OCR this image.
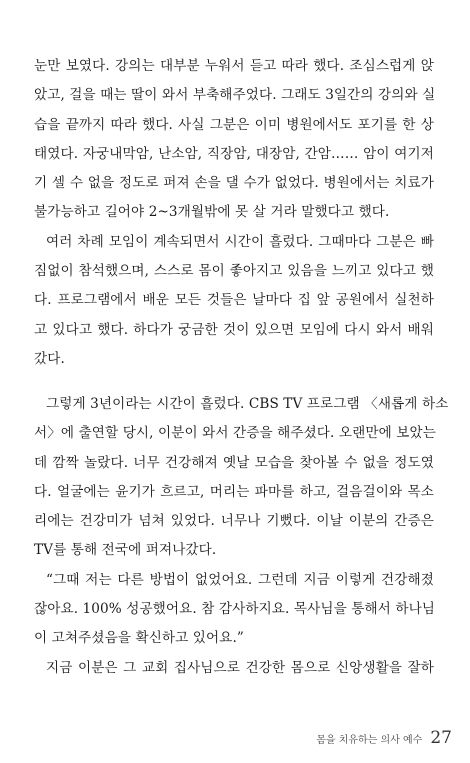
눈만 보였다. 강의는 대부분 누워서 듣고 따라 했다. 조심스럽게 앉
았고, 걸을 때는 딸이 와서 부축해주었다. 그래도 3일간의 강의와 실
습을 끝까지 따라 했다. 사실 그분은 이미 병원에서도 포기를 한 상
태였다. 자궁내막암, 난소암, 직장암, 대장암, 간암…… 암이 여기저
기 셀 수 없을 정도로 퍼져 손을 댈 수가 없었다. 병원에서는 치료가
불가능하고 길어야 2~3개월밖에 못 살 거라 말했다고 했다.
여러 차례 모임이 계속되면서 시간이 흘렀다. 그때마다 그분은 빠
짐없이 참석했으며, 스스로 몸이 좋아지고 있음을 느끼고 있다고 했
다. 프로그램에서 배운 모든 것들은 날마다 집 앞 공원에서 실천하
고 있다고 했다. 하다가 궁금한 것이 있으면 모임에 다시 와서 배워
갔다.
그렇게 3년이라는 시간이 흘렀다. CBS TV 프로그램 〈새롭게 하소
서〉에 출연할 당시, 이분이 와서 간증을 해주셨다. 오랜만에 보았는
데 깜짝 놀랐다. 너무 건강해져 옛날 모습을 찾아볼 수 없을 정도였
다. 얼굴에는 윤기가 흐르고, 머리는 파마를 하고, 걸음걸이와 목소
리에는 건강미가 넘쳐 있었다. 너무나 기뻤다. 이날 이분의 간증은
TV를 통해 전국에 퍼져나갔다.
“그때 저는 다른 방법이 없었어요. 그런데 지금 이렇게 건강해졌
잖아요. 100% 성공했어요. 참 감사하지요. 목사님을 통해서 하나님
이 고쳐주셨음을 확신하고 있어요.”
지금 이분은 그 교회 집사님으로 건강한 몸으로 신앙생활을 잘하
몸을 치유하는 의사 예수 27
